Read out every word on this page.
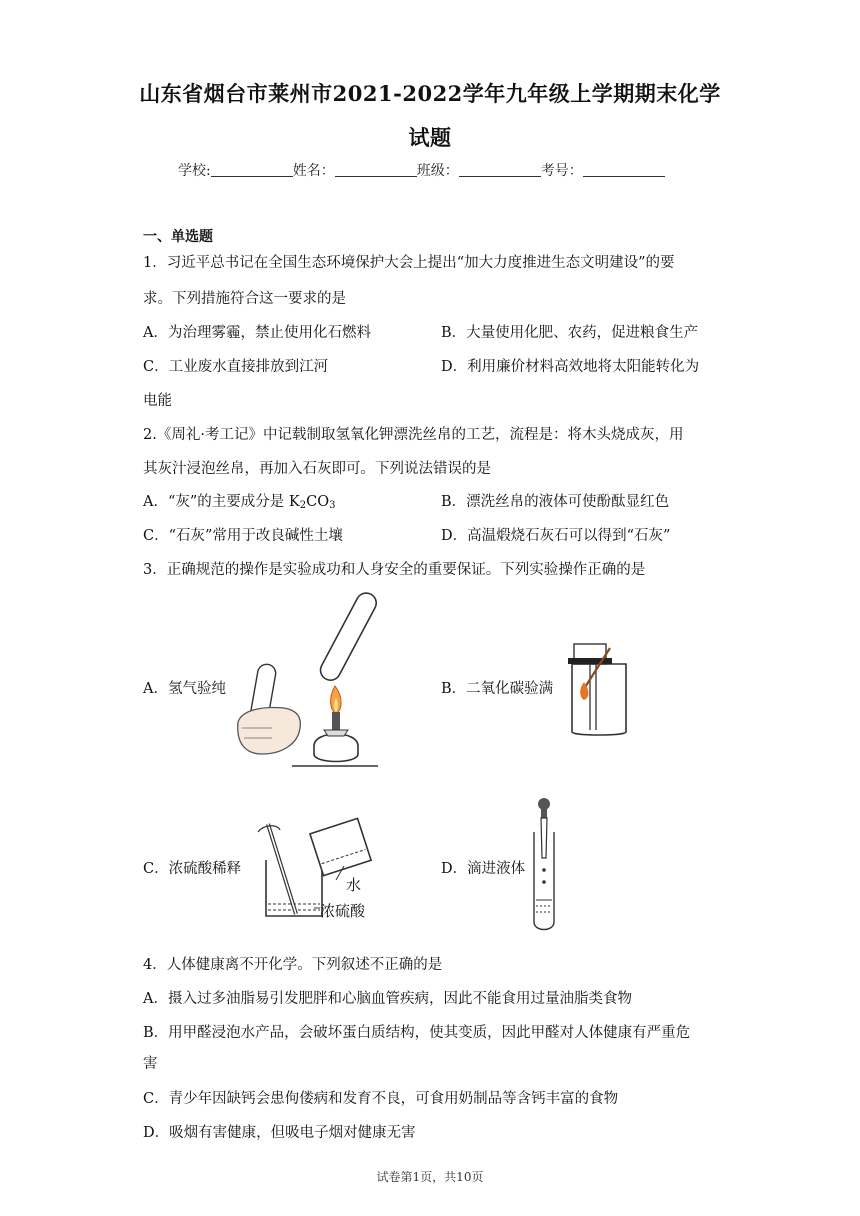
山东省烟台市莱州市2021-2022学年九年级上学期期末化学
试题
学校:	姓名：	班级：	考号：
一、单选题
1．习近平总书记在全国生态环境保护大会上提出“加大力度推进生态文明建设”的要
求。下列措施符合这一要求的是
A．为治理雾霾，禁止使用化石燃料	B．大量使用化肥、农药，促进粮食生产
C．工业废水直接排放到江河	D．利用廉价材料高效地将太阳能转化为
电能
2.《周礼·考工记》中记载制取氢氧化钾漂洗丝帛的工艺，流程是：将木头烧成灰，用
其灰汁浸泡丝帛，再加入石灰即可。下列说法错误的是
A．“灰”的主要成分是 $K_2CO_3$	B．漂洗丝帛的液体可使酚酞显红色
C．“石灰”常用于改良碱性土壤	D．高温煅烧石灰石可以得到“石灰”
3．正确规范的操作是实验成功和人身安全的重要保证。下列实验操作正确的是
A．氢气验纯	B．二氧化碳验满
C．浓硫酸稀释	D．滴进液体
水
浓硫酸
4．人体健康离不开化学。下列叙述不正确的是
A．摄入过多油脂易引发肥胖和心脑血管疾病，因此不能食用过量油脂类食物
B．用甲醛浸泡水产品，会破坏蛋白质结构，使其变质，因此甲醛对人体健康有严重危
害
C．青少年因缺钙会患佝偻病和发育不良，可食用奶制品等含钙丰富的食物
D．吸烟有害健康，但吸电子烟对健康无害
试卷第1页，共10页
